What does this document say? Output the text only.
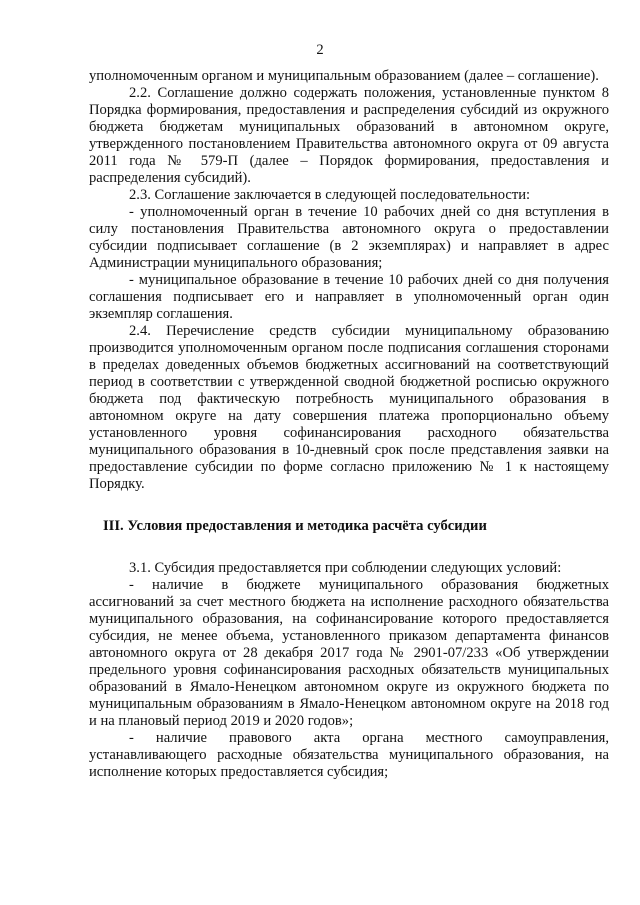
2

уполномоченным органом и муниципальным образованием (далее – соглашение).

2.2. Соглашение должно содержать положения, установленные пунктом 8 Порядка формирования, предоставления и распределения субсидий из окружного бюджета бюджетам муниципальных образований в автономном округе, утвержденного постановлением Правительства автономного округа от 09 августа 2011 года № 579-П (далее – Порядок формирования, предоставления и распределения субсидий).

2.3. Соглашение заключается в следующей последовательности:

- уполномоченный орган в течение 10 рабочих дней со дня вступления в силу постановления Правительства автономного округа о предоставлении субсидии подписывает соглашение (в 2 экземплярах) и направляет в адрес Администрации муниципального образования;

- муниципальное образование в течение 10 рабочих дней со дня получения соглашения подписывает его и направляет в уполномоченный орган один экземпляр соглашения.

2.4. Перечисление средств субсидии муниципальному образованию производится уполномоченным органом после подписания соглашения сторонами в пределах доведенных объемов бюджетных ассигнований на соответствующий период в соответствии с утвержденной сводной бюджетной росписью окружного бюджета под фактическую потребность муниципального образования в автономном округе на дату совершения платежа пропорционально объему установленного уровня софинансирования расходного обязательства муниципального образования в 10-дневный срок после представления заявки на предоставление субсидии по форме согласно приложению № 1 к настоящему Порядку.

III. Условия предоставления и методика расчёта субсидии

3.1. Субсидия предоставляется при соблюдении следующих условий:

- наличие в бюджете муниципального образования бюджетных ассигнований за счет местного бюджета на исполнение расходного обязательства муниципального образования, на софинансирование которого предоставляется субсидия, не менее объема, установленного приказом департамента финансов автономного округа от 28 декабря 2017 года № 2901-07/233 «Об утверждении предельного уровня софинансирования расходных обязательств муниципальных образований в Ямало-Ненецком автономном округе из окружного бюджета по муниципальным образованиям в Ямало-Ненецком автономном округе на 2018 год и на плановый период 2019 и 2020 годов»;

- наличие правового акта органа местного самоуправления, устанавливающего расходные обязательства муниципального образования, на исполнение которых предоставляется субсидия;
